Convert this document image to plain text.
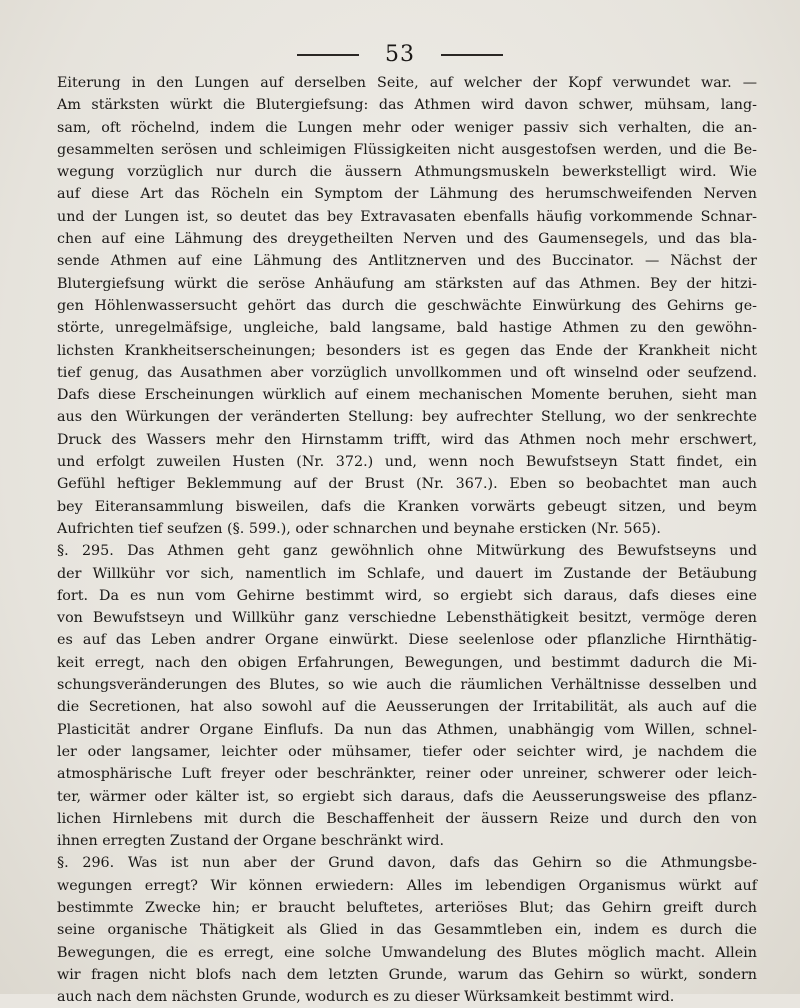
53
Eiterung in den Lungen auf derselben Seite, auf welcher der Kopf verwundet war. —
Am stärksten würkt die Blutergiefsung: das Athmen wird davon schwer, mühsam, lang-
sam, oft röchelnd, indem die Lungen mehr oder weniger passiv sich verhalten, die an-
gesammelten serösen und schleimigen Flüssigkeiten nicht ausgestofsen werden, und die Be-
wegung vorzüglich nur durch die äussern Athmungsmuskeln bewerkstelligt wird. Wie
auf diese Art das Röcheln ein Symptom der Lähmung des herumschweifenden Nerven
und der Lungen ist, so deutet das bey Extravasaten ebenfalls häufig vorkommende Schnar-
chen auf eine Lähmung des dreygetheilten Nerven und des Gaumensegels, und das bla-
sende Athmen auf eine Lähmung des Antlitznerven und des Buccinator. — Nächst der
Blutergiefsung würkt die seröse Anhäufung am stärksten auf das Athmen. Bey der hitzi-
gen Höhlenwassersucht gehört das durch die geschwächte Einwürkung des Gehirns ge-
störte, unregelmäfsige, ungleiche, bald langsame, bald hastige Athmen zu den gewöhn-
lichsten Krankheitserscheinungen; besonders ist es gegen das Ende der Krankheit nicht
tief genug, das Ausathmen aber vorzüglich unvollkommen und oft winselnd oder seufzend.
Dafs diese Erscheinungen würklich auf einem mechanischen Momente beruhen, sieht man
aus den Würkungen der veränderten Stellung: bey aufrechter Stellung, wo der senkrechte
Druck des Wassers mehr den Hirnstamm trifft, wird das Athmen noch mehr erschwert,
und erfolgt zuweilen Husten (Nr. 372.) und, wenn noch Bewufstseyn Statt findet, ein
Gefühl heftiger Beklemmung auf der Brust (Nr. 367.). Eben so beobachtet man auch
bey Eiteransammlung bisweilen, dafs die Kranken vorwärts gebeugt sitzen, und beym
Aufrichten tief seufzen (§. 599.), oder schnarchen und beynahe ersticken (Nr. 565).
§. 295. Das Athmen geht ganz gewöhnlich ohne Mitwürkung des Bewufstseyns und
der Willkühr vor sich, namentlich im Schlafe, und dauert im Zustande der Betäubung
fort. Da es nun vom Gehirne bestimmt wird, so ergiebt sich daraus, dafs dieses eine
von Bewufstseyn und Willkühr ganz verschiedne Lebensthätigkeit besitzt, vermöge deren
es auf das Leben andrer Organe einwürkt. Diese seelenlose oder pflanzliche Hirnthätig-
keit erregt, nach den obigen Erfahrungen, Bewegungen, und bestimmt dadurch die Mi-
schungsveränderungen des Blutes, so wie auch die räumlichen Verhältnisse desselben und
die Secretionen, hat also sowohl auf die Aeusserungen der Irritabilität, als auch auf die
Plasticität andrer Organe Einflufs. Da nun das Athmen, unabhängig vom Willen, schnel-
ler oder langsamer, leichter oder mühsamer, tiefer oder seichter wird, je nachdem die
atmosphärische Luft freyer oder beschränkter, reiner oder unreiner, schwerer oder leich-
ter, wärmer oder kälter ist, so ergiebt sich daraus, dafs die Aeusserungsweise des pflanz-
lichen Hirnlebens mit durch die Beschaffenheit der äussern Reize und durch den von
ihnen erregten Zustand der Organe beschränkt wird.
§. 296. Was ist nun aber der Grund davon, dafs das Gehirn so die Athmungsbe-
wegungen erregt? Wir können erwiedern: Alles im lebendigen Organismus würkt auf
bestimmte Zwecke hin; er braucht beluftetes, arteriöses Blut; das Gehirn greift durch
seine organische Thätigkeit als Glied in das Gesammtleben ein, indem es durch die
Bewegungen, die es erregt, eine solche Umwandelung des Blutes möglich macht. Allein
wir fragen nicht blofs nach dem letzten Grunde, warum das Gehirn so würkt, sondern
auch nach dem nächsten Grunde, wodurch es zu dieser Würksamkeit bestimmt wird.
